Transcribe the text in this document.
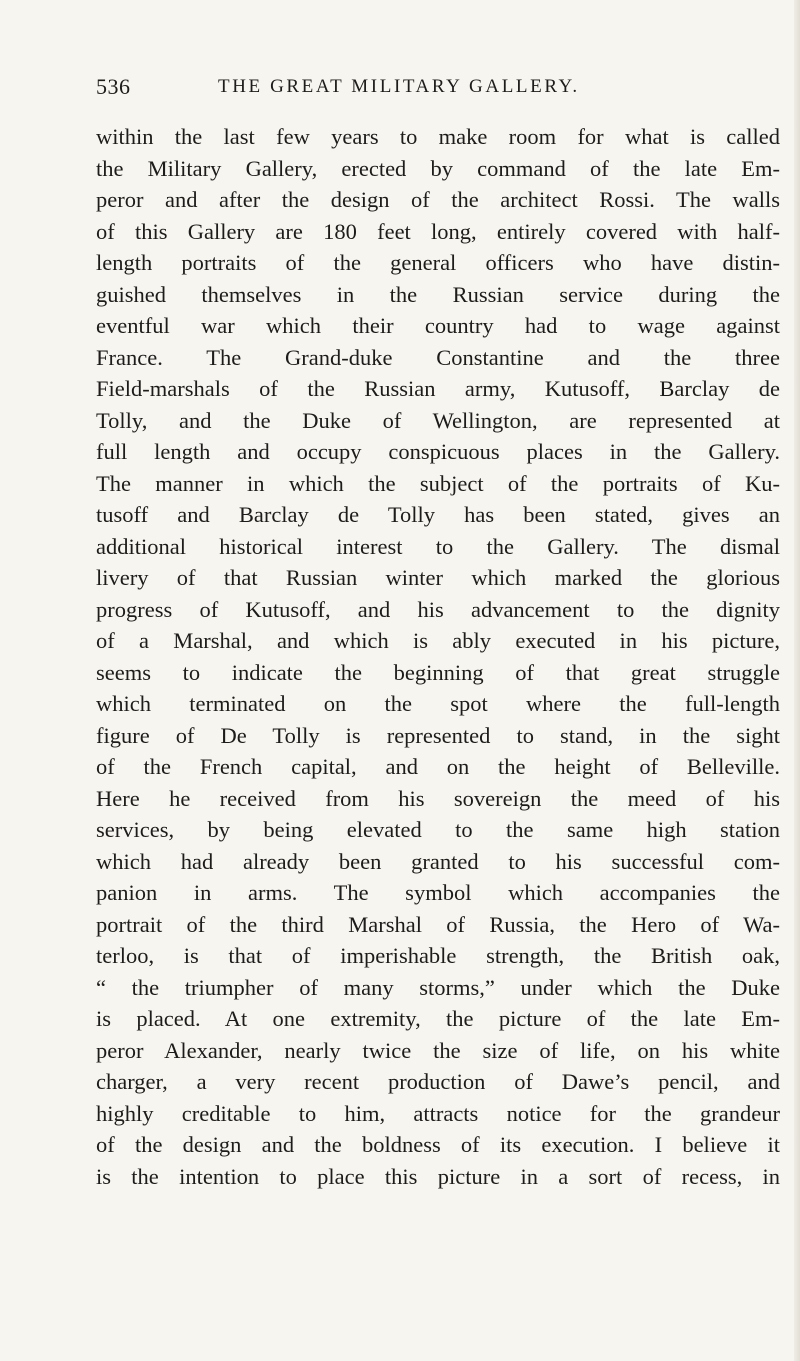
536	THE GREAT MILITARY GALLERY.
within the last few years to make room for what is called
the Military Gallery, erected by command of the late Em-
peror and after the design of the architect Rossi. The walls
of this Gallery are 180 feet long, entirely covered with half-
length portraits of the general officers who have distin-
guished themselves in the Russian service during the
eventful war which their country had to wage against
France. The Grand-duke Constantine and the three
Field-marshals of the Russian army, Kutusoff, Barclay de
Tolly, and the Duke of Wellington, are represented at
full length and occupy conspicuous places in the Gallery.
The manner in which the subject of the portraits of Ku-
tusoff and Barclay de Tolly has been stated, gives an
additional historical interest to the Gallery. The dismal
livery of that Russian winter which marked the glorious
progress of Kutusoff, and his advancement to the dignity
of a Marshal, and which is ably executed in his picture,
seems to indicate the beginning of that great struggle
which terminated on the spot where the full-length
figure of De Tolly is represented to stand, in the sight
of the French capital, and on the height of Belleville.
Here he received from his sovereign the meed of his
services, by being elevated to the same high station
which had already been granted to his successful com-
panion in arms. The symbol which accompanies the
portrait of the third Marshal of Russia, the Hero of Wa-
terloo, is that of imperishable strength, the British oak,
“ the triumpher of many storms,” under which the Duke
is placed. At one extremity, the picture of the late Em-
peror Alexander, nearly twice the size of life, on his white
charger, a very recent production of Dawe’s pencil, and
highly creditable to him, attracts notice for the grandeur
of the design and the boldness of its execution. I believe it
is the intention to place this picture in a sort of recess, in
